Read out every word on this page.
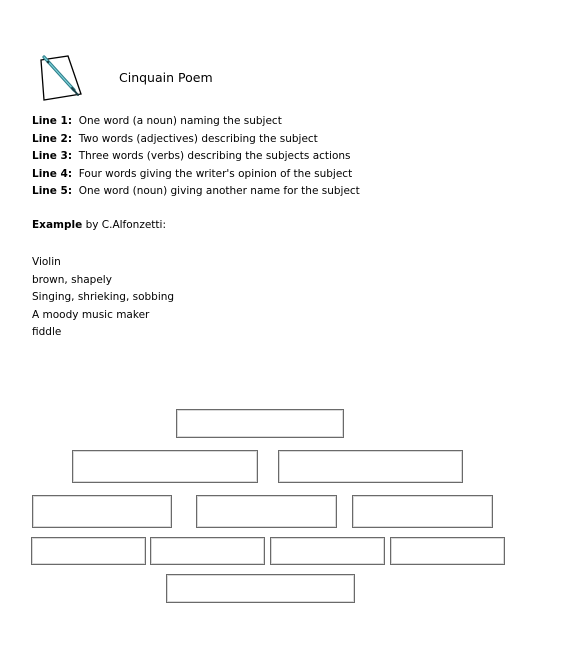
Cinquain Poem
Line 1: One word (a noun) naming the subject
Line 2: Two words (adjectives) describing the subject
Line 3: Three words (verbs) describing the subjects actions
Line 4: Four words giving the writer's opinion of the subject
Line 5: One word (noun) giving another name for the subject
Example by C.Alfonzetti:
Violin
brown, shapely
Singing, shrieking, sobbing
A moody music maker
fiddle
